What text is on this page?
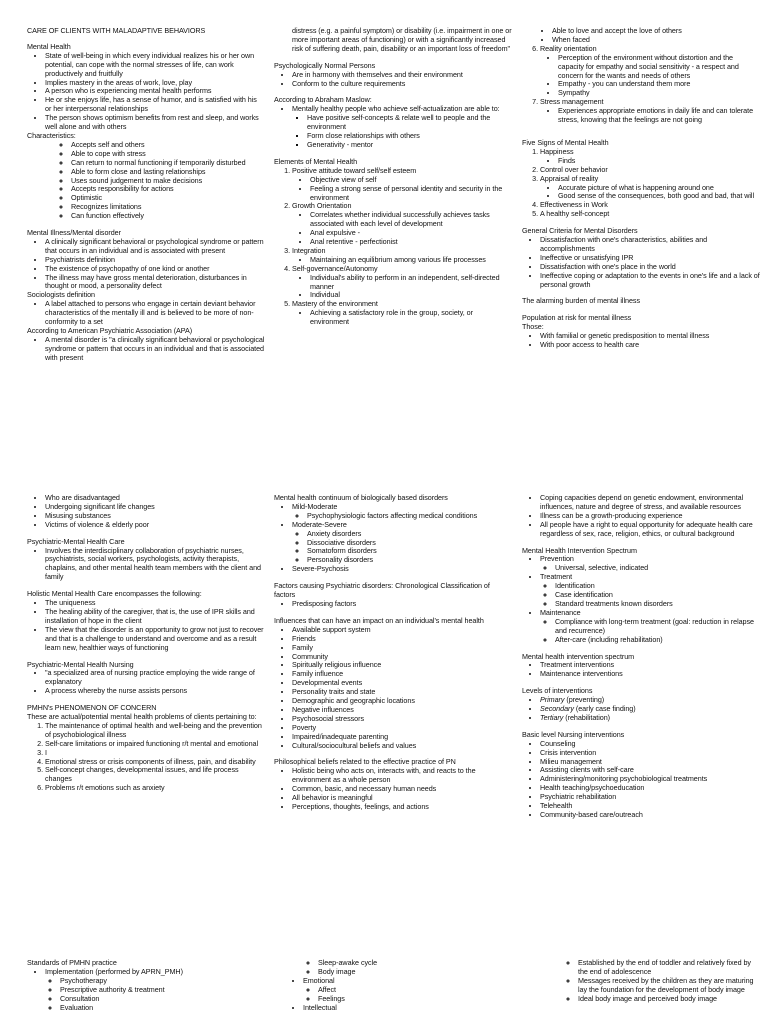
CARE OF CLIENTS WITH MALADAPTIVE BEHAVIORS

Mental Health

• State of well-being in which every individual realizes his or her own potential, can cope with the normal stresses of life, can work productively and fruitfully
• Implies mastery in the areas of work, love, play
• A person who is experiencing mental health performs
• He or she enjoys life, has a sense of humor, and is satisfied with his or her interpersonal relationships
• The person shows optimism benefits from rest and sleep, and works well alone and with others

Characteristics:

◦ Accepts self and others
◦ Able to cope with stress
◦ Can return to normal functioning if temporarily disturbed
◦ Able to form close and lasting relationships
◦ Uses sound judgement to make decisions
◦ Accepts responsibility for actions
◦ Optimistic
◦ Recognizes limitations
◦ Can function effectively

Mental Illness/Mental disorder

• A clinically significant behavioral or psychological syndrome or pattern that occurs in an individual and is associated with present
• Psychiatrists definition
• The existence of psychopathy of one kind or another
• The illness may have gross mental deterioration, disturbances in thought or mood, a personality defect

Sociologists definition

• A label attached to persons who engage in certain deviant behavior characteristics of the mentally ill and is believed to be more of non-conformity to a set

According to American Psychiatric Association (APA)

• A mental disorder is "a clinically significant behavioral or psychological syndrome or pattern that occurs in an individual and that is associated with present

distress (e.g. a painful symptom) or disability (i.e. impairment in one or more important areas of functioning) or with a significantly increased risk of suffering death, pain, disability or an important loss of freedom"

Psychologically Normal Persons

• Are in harmony with themselves and their environment
• Conform to the culture requirements

According to Abraham Maslow:

• Mentally healthy people who achieve self-actualization are able to:
▪ Have positive self-concepts & relate well to people and the environment
▪ Form close relationships with others
▪ Generativity - mentor

Elements of Mental Health

1. Positive attitude toward self/self esteem
• Objective view of self
• Feeling a strong sense of personal identity and security in the environment
2. Growth Orientation
• Correlates whether individual successfully achieves tasks associated with each level of development
• Anal expulsive -
• Anal retentive - perfectionist
3. Integration
• Maintaining an equilibrium among various life processes
4. Self-governance/Autonomy
• Individual's ability to perform in an independent, self-directed manner
• Individual
5. Mastery of the environment
• Achieving a satisfactory role in the group, society, or environment
• Able to love and accept the love of others
• When faced
6. Reality orientation
• Perception of the environment without distortion and the capacity for empathy and social sensitivity - a respect and concern for the wants and needs of others
• Empathy - you can understand them more
• Sympathy
7. Stress management
• Experiences appropriate emotions in daily life and can tolerate stress, knowing that the feelings are not going

Five Signs of Mental Health

1. Happiness
• Finds
2. Control over behavior
3. Appraisal of reality
• Accurate picture of what is happening around one
• Good sense of the consequences, both good and bad, that will
4. Effectiveness in Work
5. A healthy self-concept

General Criteria for Mental Disorders

• Dissatisfaction with one's characteristics, abilities and accomplishments
• Ineffective or unsatisfying IPR
• Dissatisfaction with one's place in the world
• Ineffective coping or adaptation to the events in one's life and a lack of personal growth

The alarming burden of mental illness

Population at risk for mental illness

Those:

• With familial or genetic predisposition to mental illness
• With poor access to health care
• Who are disadvantaged
• Undergoing significant life changes
• Misusing substances
• Victims of violence & elderly poor

Psychiatric-Mental Health Care

• Involves the interdisciplinary collaboration of psychiatric nurses, psychiatrists, social workers, psychologists, activity therapists, chaplains, and other mental health team members with the client and family

Holistic Mental Health Care encompasses the following:

• The uniqueness
• The healing ability of the caregiver, that is, the use of IPR skills and installation of hope in the client
• The view that the disorder is an opportunity to grow not just to recover and that is a challenge to understand and overcome and as a result learn new, healthier ways of functioning

Psychiatric-Mental Health Nursing

• "a specialized area of nursing practice employing the wide range of explanatory
• A process whereby the nurse assists persons

PMHN's PHENOMENON OF CONCERN

These are actual/potential mental health problems of clients pertaining to:

1. The maintenance of optimal health and well-being and the prevention of psychobiological illness
2. Self-care limitations or impaired functioning r/t mental and emotional
3. I
4. Emotional stress or crisis components of illness, pain, and disability
5. Self-concept changes, developmental issues, and life process changes
6. Problems r/t emotions such as anxiety

Mental health continuum of biologically based disorders

• Mild-Moderate
◦ Psychophysiologic factors affecting medical conditions
• Moderate-Severe
◦ Anxiety disorders
◦ Dissociative disorders
◦ Somatoform disorders
◦ Personality disorders
• Severe-Psychosis

Factors causing Psychiatric disorders: Chronological Classification of factors

• Predisposing factors

Influences that can have an impact on an individual's mental health

• Available support system
• Friends
• Family
• Community
• Spiritually religious influence
• Family influence
• Developmental events
• Personality traits and state
• Demographic and geographic locations
• Negative influences
• Psychosocial stressors
• Poverty
• Impaired/inadequate parenting
• Cultural/sociocultural beliefs and values

Philosophical beliefs related to the effective practice of PN

• Holistic being who acts on, interacts with, and reacts to the environment as a whole person
• Common, basic, and necessary human needs
• All behavior is meaningful
• Perceptions, thoughts, feelings, and actions
• Coping capacities depend on genetic endowment, environmental influences, nature and degree of stress, and available resources
• Illness can be a growth-producing experience
• All people have a right to equal opportunity for adequate health care regardless of sex, race, religion, ethics, or cultural background

Mental Health Intervention Spectrum

• Prevention
◦ Universal, selective, indicated
• Treatment
◦ Identification
◦ Case identification
◦ Standard treatments known disorders
• Maintenance
◦ Compliance with long-term treatment (goal: reduction in relapse and recurrence)
◦ After-care (including rehabilitation)

Mental health intervention spectrum

• Treatment interventions
• Maintenance interventions

Levels of interventions

• Primary (preventing)
• Secondary (early case finding)
• Tertiary (rehabilitation)

Basic level Nursing interventions

• Counseling
• Crisis intervention
• Milieu management
• Assisting clients with self-care
• Administering/monitoring psychobiological treatments
• Health teaching/psychoeducation
• Psychiatric rehabilitation
• Telehealth
• Community-based care/outreach

Standards of PMHN practice

• Implementation (performed by APRN_PMH)
◦ Psychotherapy
◦ Prescriptive authority & treatment
◦ Consultation
◦ Evaluation
◦ Sleep-awake cycle
◦ Body image
• Emotional
◦ Affect
◦ Feelings
• Intellectual
◦ Established by the end of toddler and relatively fixed by the end of adolescence
◦ Messages received by the children as they are maturing lay the foundation for the development of body image
◦ Ideal body image and perceived body image
